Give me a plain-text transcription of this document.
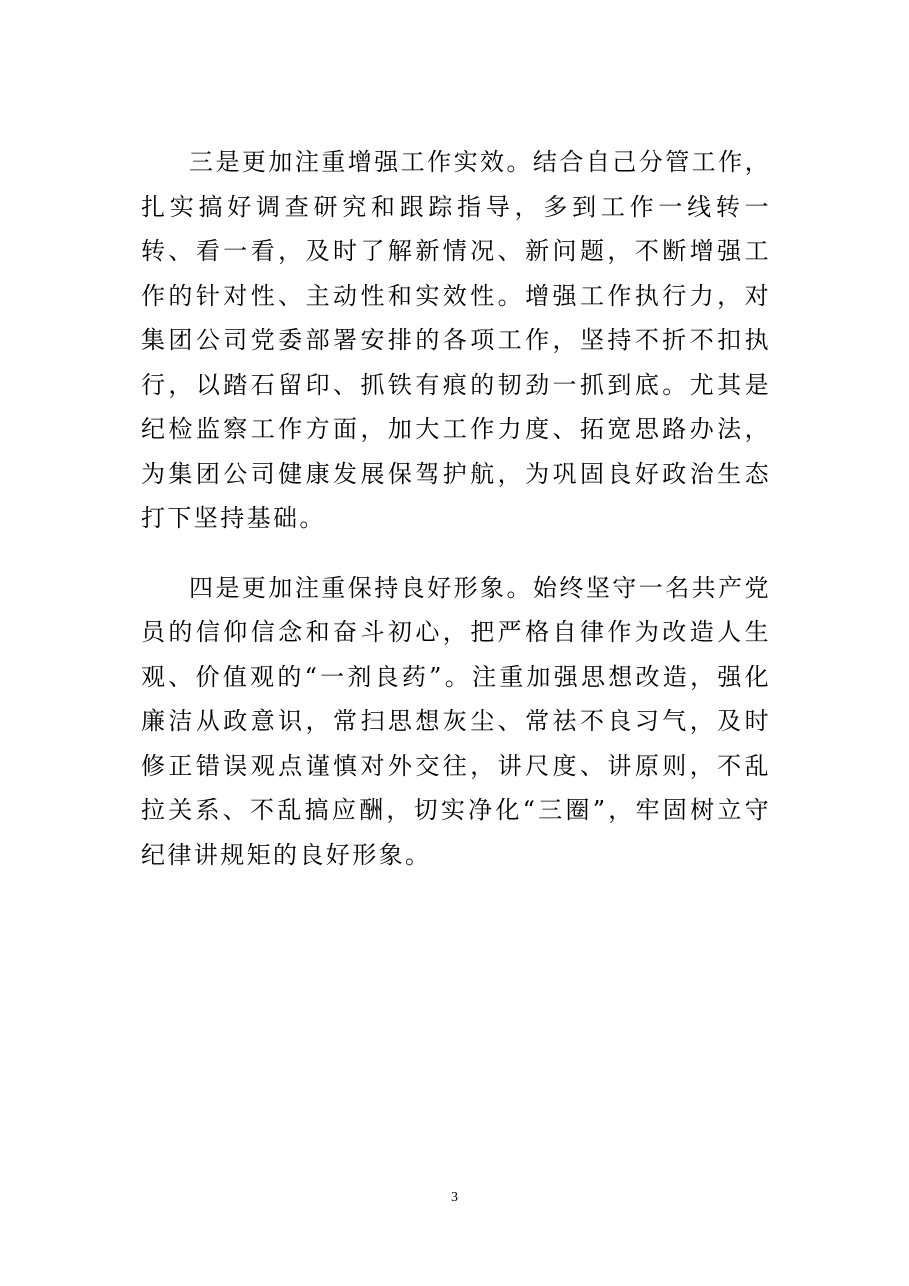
三是更加注重增强工作实效。结合自己分管工作，扎实搞好调查研究和跟踪指导，多到工作一线转一转、看一看，及时了解新情况、新问题，不断增强工作的针对性、主动性和实效性。增强工作执行力，对集团公司党委部署安排的各项工作，坚持不折不扣执行，以踏石留印、抓铁有痕的韧劲一抓到底。尤其是纪检监察工作方面，加大工作力度、拓宽思路办法，为集团公司健康发展保驾护航，为巩固良好政治生态打下坚持基础。

四是更加注重保持良好形象。始终坚守一名共产党员的信仰信念和奋斗初心，把严格自律作为改造人生观、价值观的“一剂良药”。注重加强思想改造，强化廉洁从政意识，常扫思想灰尘、常祛不良习气，及时修正错误观点谨慎对外交往，讲尺度、讲原则，不乱拉关系、不乱搞应酬，切实净化“三圈”，牢固树立守纪律讲规矩的良好形象。

3
